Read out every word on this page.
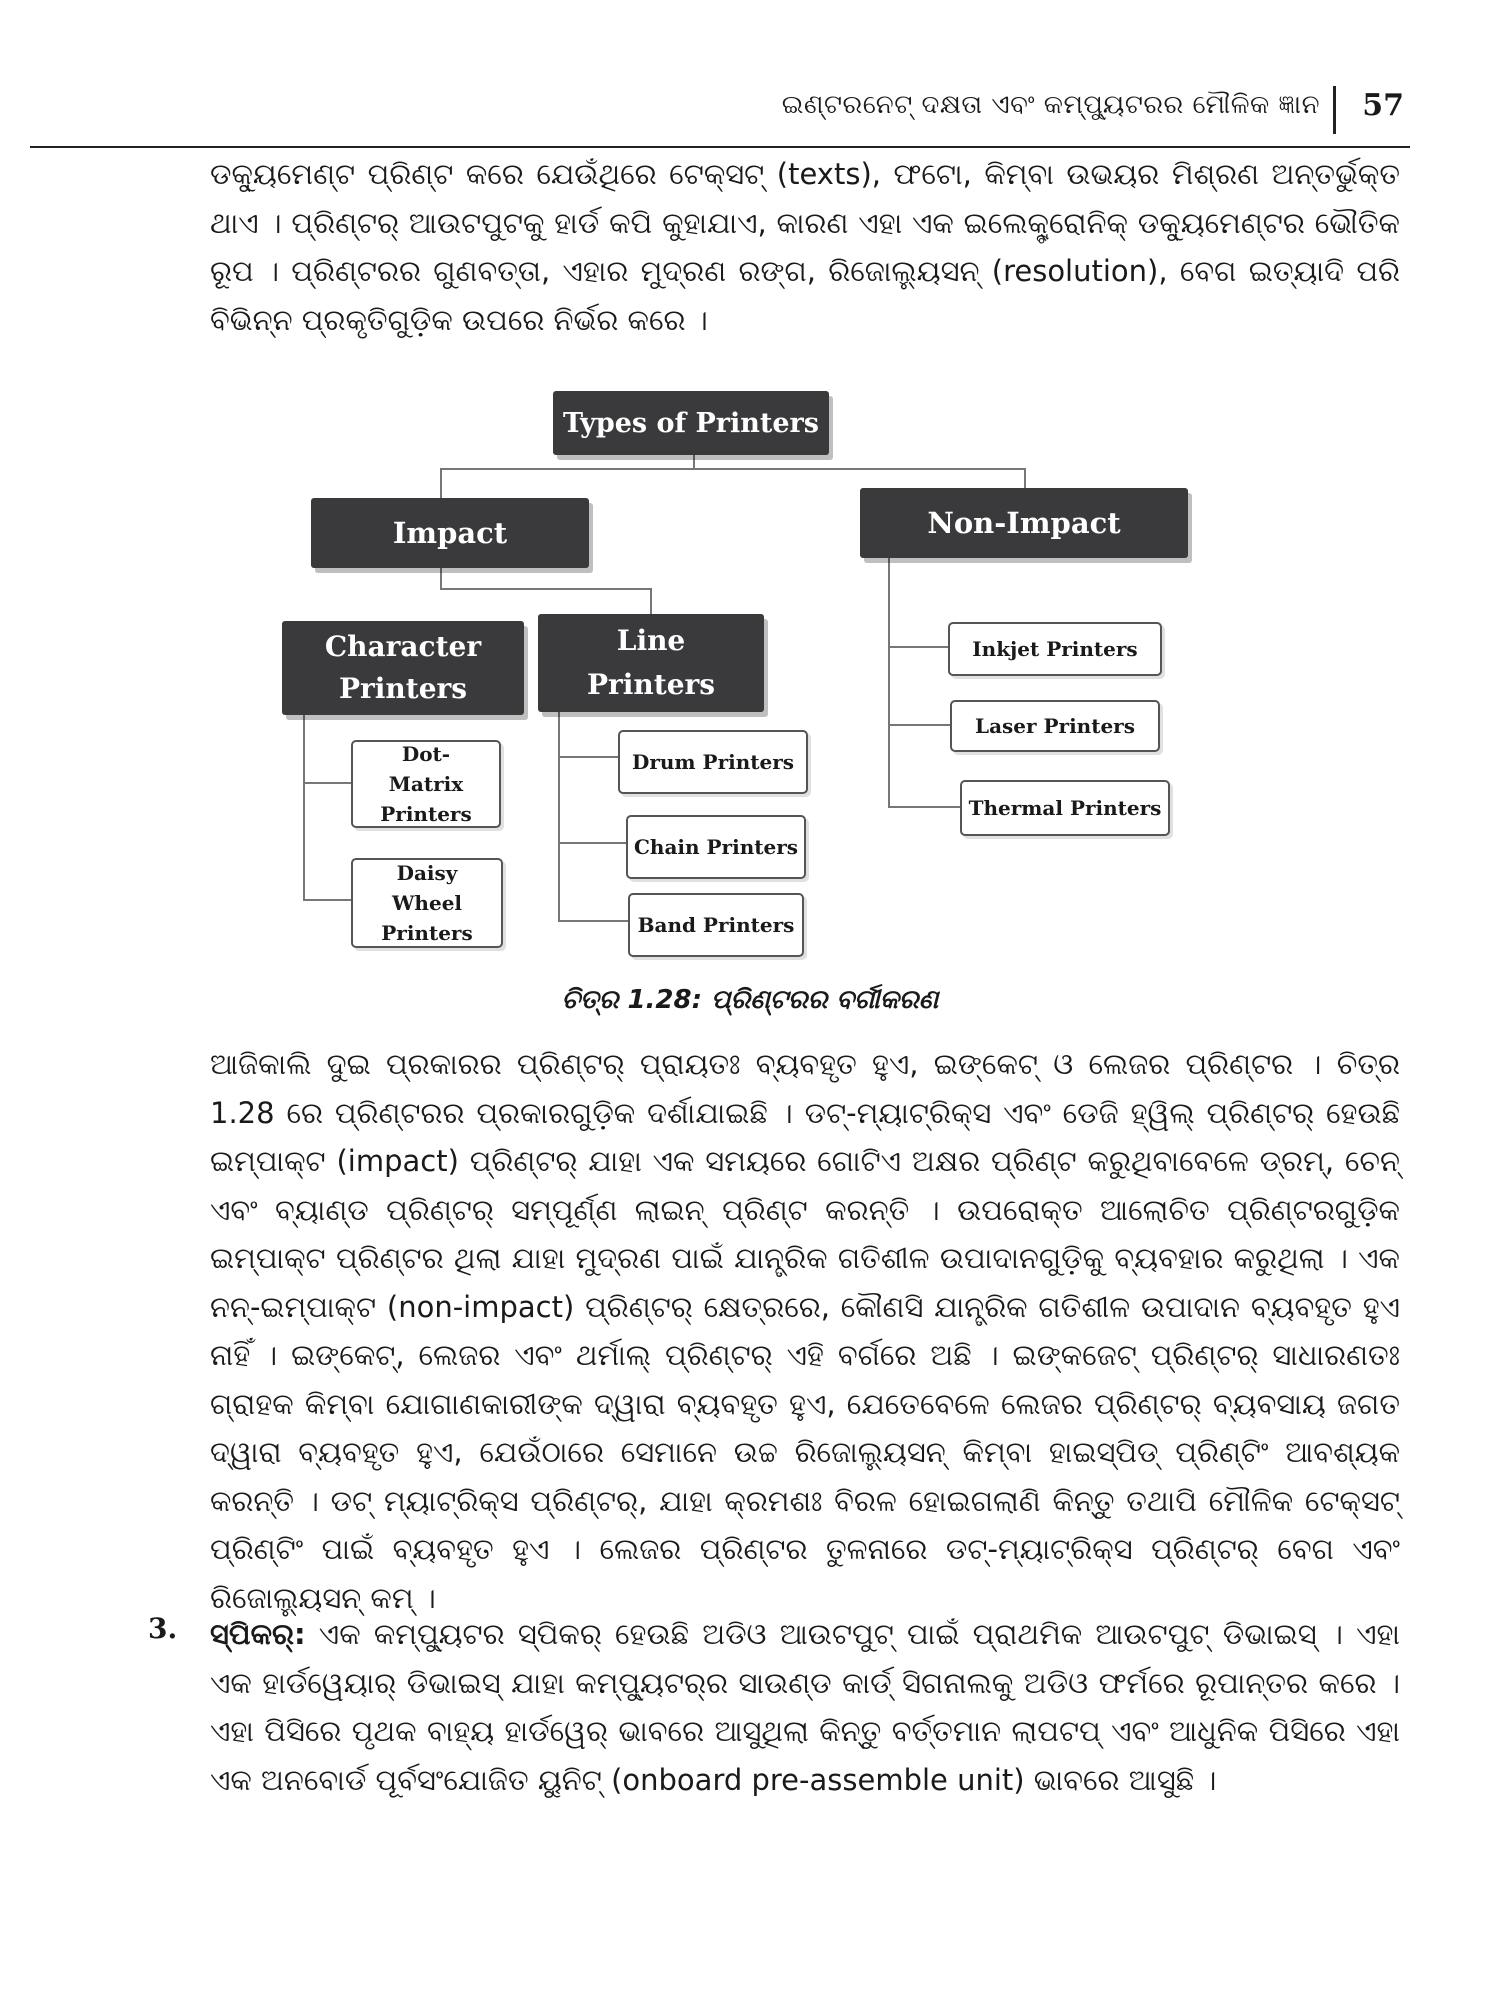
ଇଣ୍ଟରନେଟ୍ ଦକ୍ଷତା ଏବଂ କମ୍ପ୍ୟୁଟରର ମୌଳିକ ଜ୍ଞାନ 57
ଡକ୍ୟୁମେଣ୍ଟ ପ୍ରିଣ୍ଟ କରେ ଯେଉଁଥିରେ ଟେକ୍ସଟ୍ (texts), ଫଟୋ, କିମ୍ବା ଉଭୟର ମିଶ୍ରଣ ଅନ୍ତର୍ଭୁକ୍ତ ଥାଏ । ପ୍ରିଣ୍ଟର୍ ଆଉଟପୁଟକୁ ହାର୍ଡ କପି କୁହାଯାଏ, କାରଣ ଏହା ଏକ ଇଲେକ୍ଟ୍ରୋନିକ୍ ଡକ୍ୟୁମେଣ୍ଟର ଭୌତିକ ରୂପ । ପ୍ରିଣ୍ଟରର ଗୁଣବତ୍ତା, ଏହାର ମୁଦ୍ରଣ ରଙ୍ଗ, ରିଜୋଲ୍ୟୁସନ୍ (resolution), ବେଗ ଇତ୍ୟାଦି ପରି ବିଭିନ୍ନ ପ୍ରକୃତିଗୁଡ଼ିକ ଉପରେ ନିର୍ଭର କରେ ।
Types of Printers
Impact	Non-Impact
Character Printers
Line Printers
Dot-Matrix Printers
Daisy Wheel Printers
Drum Printers
Chain Printers
Band Printers
Inkjet Printers
Laser Printers
Thermal Printers
ଚିତ୍ର 1.28: ପ୍ରିଣ୍ଟରର ବର୍ଗୀକରଣ
ଆଜିକାଲି ଦୁଇ ପ୍ରକାରର ପ୍ରିଣ୍ଟର୍ ପ୍ରାୟତଃ ବ୍ୟବହୃତ ହୁଏ, ଇଙ୍କେଟ୍ ଓ ଲେଜର ପ୍ରିଣ୍ଟର । ଚିତ୍ର 1.28 ରେ ପ୍ରିଣ୍ଟରର ପ୍ରକାରଗୁଡ଼ିକ ଦର୍ଶାଯାଇଛି । ଡଟ୍-ମ୍ୟାଟ୍ରିକ୍ସ ଏବଂ ଡେଜି ହ୍ୱିଲ୍ ପ୍ରିଣ୍ଟର୍ ହେଉଛି ଇମ୍ପାକ୍ଟ (impact) ପ୍ରିଣ୍ଟର୍ ଯାହା ଏକ ସମୟରେ ଗୋଟିଏ ଅକ୍ଷର ପ୍ରିଣ୍ଟ କରୁଥିବାବେଳେ ଡ୍ରମ୍, ଚେନ୍ ଏବଂ ବ୍ୟାଣ୍ଡ ପ୍ରିଣ୍ଟର୍ ସମ୍ପୂର୍ଣ୍ଣ ଲାଇନ୍ ପ୍ରିଣ୍ଟ କରନ୍ତି । ଉପରୋକ୍ତ ଆଲୋଚିତ ପ୍ରିଣ୍ଟରଗୁଡ଼ିକ ଇମ୍ପାକ୍ଟ ପ୍ରିଣ୍ଟର ଥିଲା ଯାହା ମୁଦ୍ରଣ ପାଇଁ ଯାନ୍ତ୍ରିକ ଗତିଶୀଳ ଉପାଦାନଗୁଡ଼ିକୁ ବ୍ୟବହାର କରୁଥିଲା । ଏକ ନନ୍-ଇମ୍ପାକ୍ଟ (non-impact) ପ୍ରିଣ୍ଟର୍ କ୍ଷେତ୍ରରେ, କୌଣସି ଯାନ୍ତ୍ରିକ ଗତିଶୀଳ ଉପାଦାନ ବ୍ୟବହୃତ ହୁଏ ନାହିଁ । ଇଙ୍କେଟ୍, ଲେଜର ଏବଂ ଥର୍ମାଲ୍ ପ୍ରିଣ୍ଟର୍ ଏହି ବର୍ଗରେ ଅଛି । ଇଙ୍କଜେଟ୍ ପ୍ରିଣ୍ଟର୍ ସାଧାରଣତଃ ଗ୍ରାହକ କିମ୍ବା ଯୋଗାଣକାରୀଙ୍କ ଦ୍ୱାରା ବ୍ୟବହୃତ ହୁଏ, ଯେତେବେଳେ ଲେଜର ପ୍ରିଣ୍ଟର୍ ବ୍ୟବସାୟ ଜଗତ ଦ୍ୱାରା ବ୍ୟବହୃତ ହୁଏ, ଯେଉଁଠାରେ ସେମାନେ ଉଚ୍ଚ ରିଜୋଲ୍ୟୁସନ୍ କିମ୍ବା ହାଇସ୍ପିଡ୍ ପ୍ରିଣ୍ଟିଂ ଆବଶ୍ୟକ କରନ୍ତି । ଡଟ୍ ମ୍ୟାଟ୍ରିକ୍ସ ପ୍ରିଣ୍ଟର୍, ଯାହା କ୍ରମଶଃ ବିରଳ ହୋଇଗଲାଣି କିନ୍ତୁ ତଥାପି ମୌଳିକ ଟେକ୍ସଟ୍ ପ୍ରିଣ୍ଟିଂ ପାଇଁ ବ୍ୟବହୃତ ହୁଏ । ଲେଜର ପ୍ରିଣ୍ଟର ତୁଳନାରେ ଡଟ୍-ମ୍ୟାଟ୍ରିକ୍ସ ପ୍ରିଣ୍ଟର୍ ବେଗ ଏବଂ ରିଜୋଲ୍ୟୁସନ୍ କମ୍ ।
3. ସ୍ପିକର୍: ଏକ କମ୍ପ୍ୟୁଟର ସ୍ପିକର୍ ହେଉଛି ଅଡିଓ ଆଉଟପୁଟ୍ ପାଇଁ ପ୍ରାଥମିକ ଆଉଟପୁଟ୍ ଡିଭାଇସ୍ । ଏହା ଏକ ହାର୍ଡୱେୟାର୍ ଡିଭାଇସ୍ ଯାହା କମ୍ପ୍ୟୁଟର୍‌ର ସାଉଣ୍ଡ କାର୍ଡ୍ ସିଗନାଲକୁ ଅଡିଓ ଫର୍ମରେ ରୂପାନ୍ତର କରେ । ଏହା ପିସିରେ ପୃଥକ ବାହ୍ୟ ହାର୍ଡୱେର୍ ଭାବରେ ଆସୁଥିଲା କିନ୍ତୁ ବର୍ତ୍ତମାନ ଲାପଟପ୍ ଏବଂ ଆଧୁନିକ ପିସିରେ ଏହା ଏକ ଅନବୋର୍ଡ ପୂର୍ବସଂଯୋଜିତ ୟୁନିଟ୍ (onboard pre-assemble unit) ଭାବରେ ଆସୁଛି ।
